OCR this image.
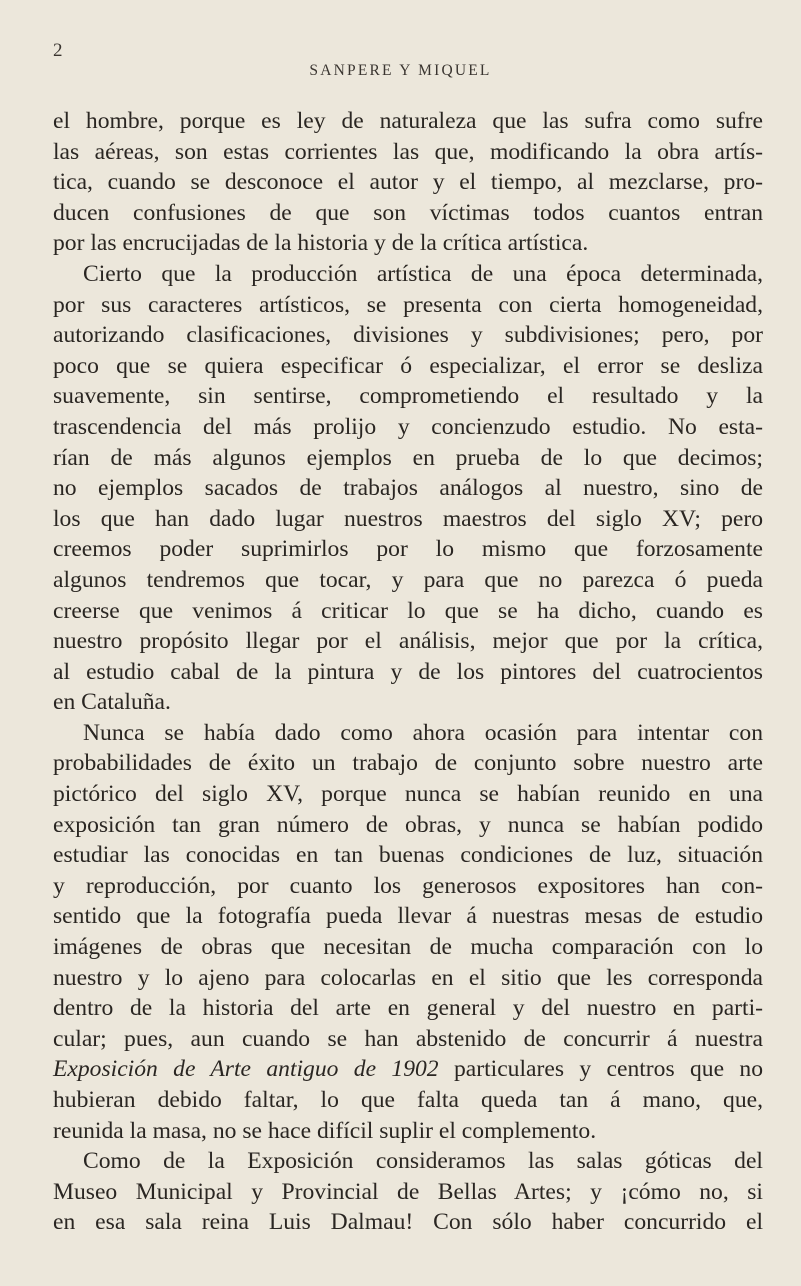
2
SANPERE Y MIQUEL
el hombre, porque es ley de naturaleza que las sufra como sufre
las aéreas, son estas corrientes las que, modificando la obra artís-
tica, cuando se desconoce el autor y el tiempo, al mezclarse, pro-
ducen confusiones de que son víctimas todos cuantos entran
por las encrucijadas de la historia y de la crítica artística.
Cierto que la producción artística de una época determinada,
por sus caracteres artísticos, se presenta con cierta homogeneidad,
autorizando clasificaciones, divisiones y subdivisiones; pero, por
poco que se quiera especificar ó especializar, el error se desliza
suavemente, sin sentirse, comprometiendo el resultado y la
trascendencia del más prolijo y concienzudo estudio. No esta-
rían de más algunos ejemplos en prueba de lo que decimos;
no ejemplos sacados de trabajos análogos al nuestro, sino de
los que han dado lugar nuestros maestros del siglo XV; pero
creemos poder suprimirlos por lo mismo que forzosamente
algunos tendremos que tocar, y para que no parezca ó pueda
creerse que venimos á criticar lo que se ha dicho, cuando es
nuestro propósito llegar por el análisis, mejor que por la crítica,
al estudio cabal de la pintura y de los pintores del cuatrocientos
en Cataluña.
Nunca se había dado como ahora ocasión para intentar con
probabilidades de éxito un trabajo de conjunto sobre nuestro arte
pictórico del siglo XV, porque nunca se habían reunido en una
exposición tan gran número de obras, y nunca se habían podido
estudiar las conocidas en tan buenas condiciones de luz, situación
y reproducción, por cuanto los generosos expositores han con-
sentido que la fotografía pueda llevar á nuestras mesas de estudio
imágenes de obras que necesitan de mucha comparación con lo
nuestro y lo ajeno para colocarlas en el sitio que les corresponda
dentro de la historia del arte en general y del nuestro en parti-
cular; pues, aun cuando se han abstenido de concurrir á nuestra
Exposición de Arte antiguo de 1902 particulares y centros que no
hubieran debido faltar, lo que falta queda tan á mano, que,
reunida la masa, no se hace difícil suplir el complemento.
Como de la Exposición consideramos las salas góticas del
Museo Municipal y Provincial de Bellas Artes; y ¡cómo no, si
en esa sala reina Luis Dalmau! Con sólo haber concurrido el
